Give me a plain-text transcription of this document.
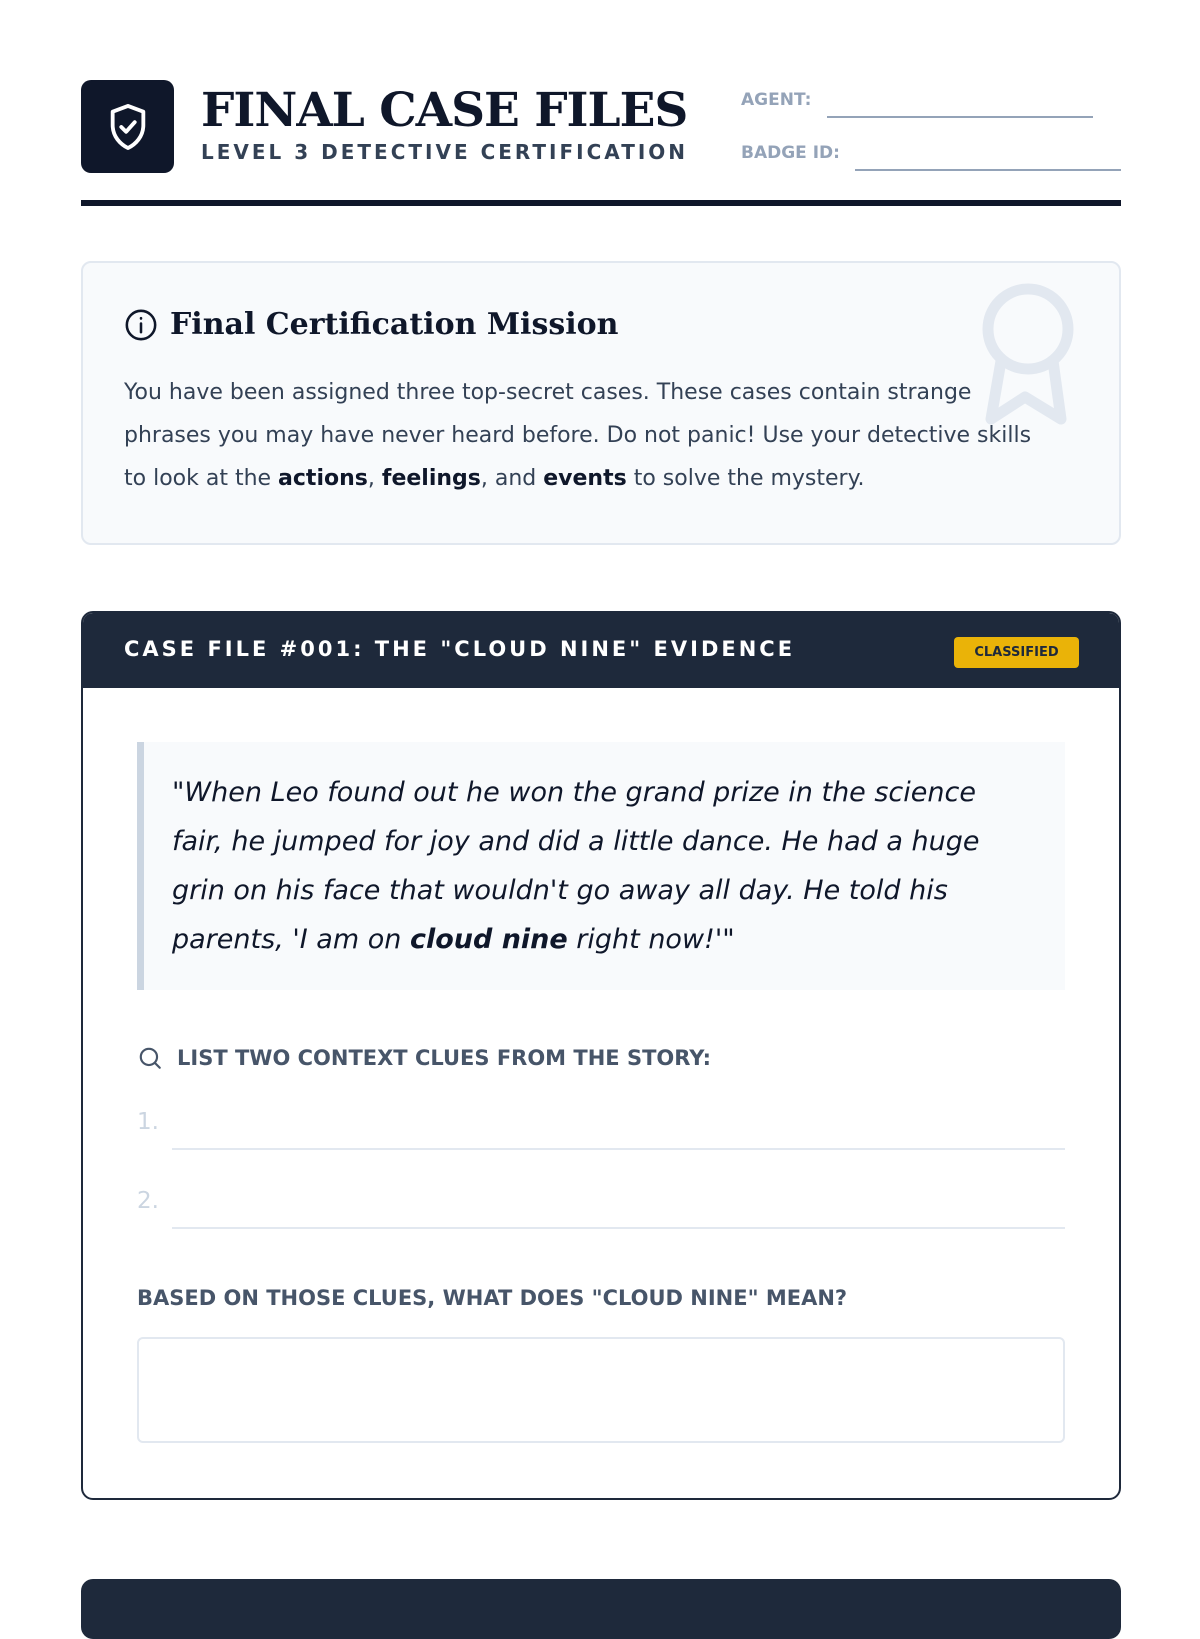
FINAL CASE FILES
LEVEL 3 DETECTIVE CERTIFICATION
AGENT:
BADGE ID:
Final Certification Mission
You have been assigned three top-secret cases. These cases contain strange phrases you may have never heard before. Do not panic! Use your detective skills to look at the actions, feelings, and events to solve the mystery.
CASE FILE #001: THE "CLOUD NINE" EVIDENCE	CLASSIFIED
"When Leo found out he won the grand prize in the science fair, he jumped for joy and did a little dance. He had a huge grin on his face that wouldn't go away all day. He told his parents, 'I am on cloud nine right now!'"
LIST TWO CONTEXT CLUES FROM THE STORY:
1.
2.
BASED ON THOSE CLUES, WHAT DOES "CLOUD NINE" MEAN?
